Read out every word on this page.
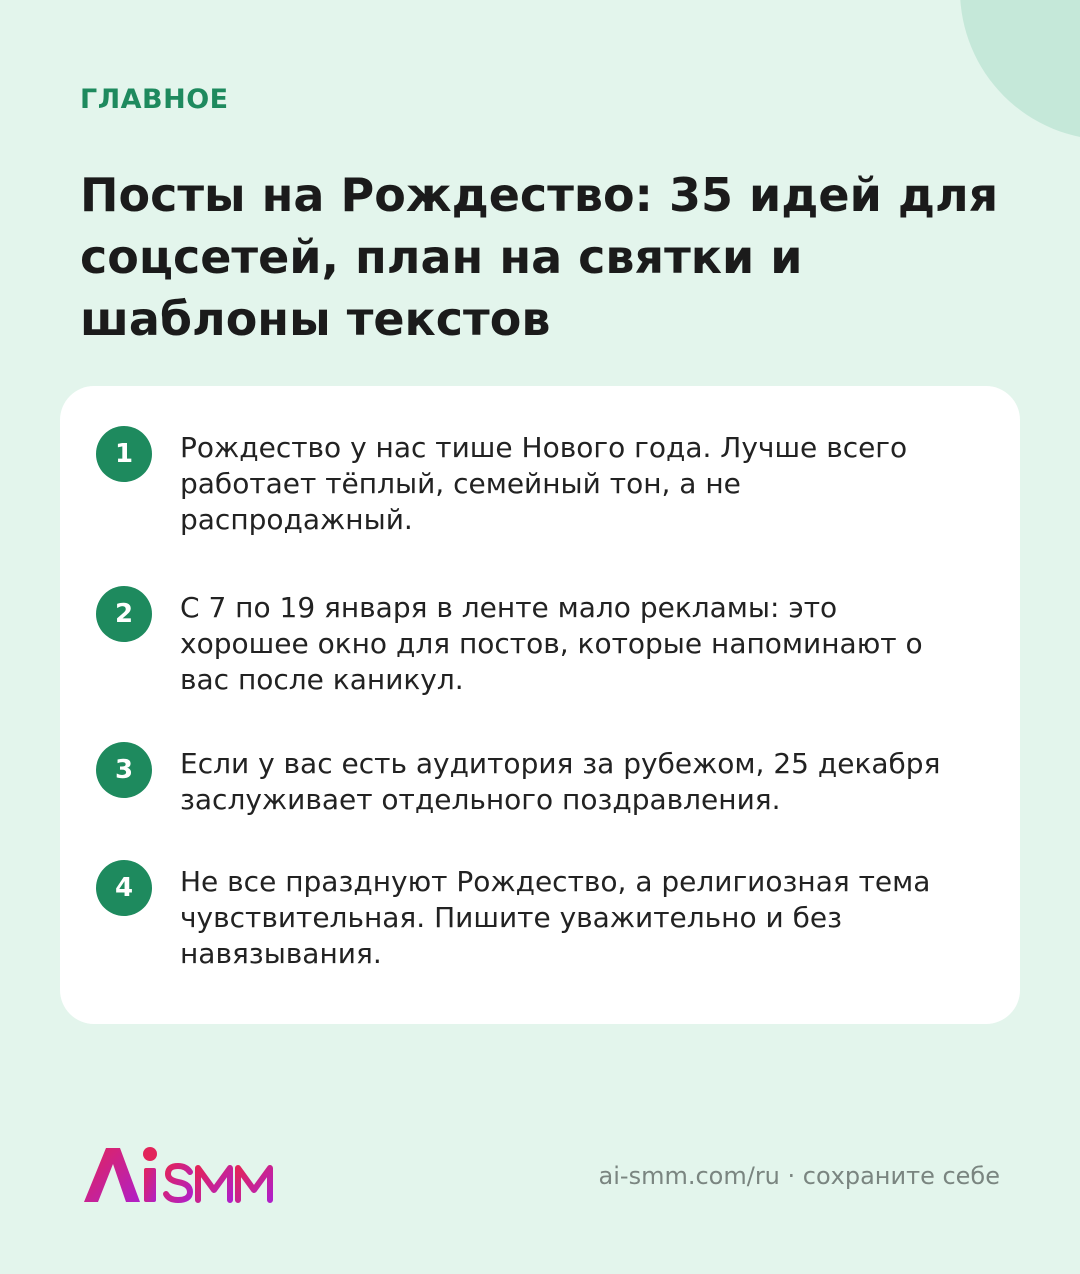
ГЛАВНОЕ
Посты на Рождество: 35 идей для соцсетей, план на святки и шаблоны текстов
1	Рождество у нас тише Нового года. Лучше всего работает тёплый, семейный тон, а не распродажный.
2	С 7 по 19 января в ленте мало рекламы: это хорошее окно для постов, которые напоминают о вас после каникул.
3	Если у вас есть аудитория за рубежом, 25 декабря заслуживает отдельного поздравления.
4	Не все празднуют Рождество, а религиозная тема чувствительная. Пишите уважительно и без навязывания.
ai-smm.com/ru · сохраните себе
